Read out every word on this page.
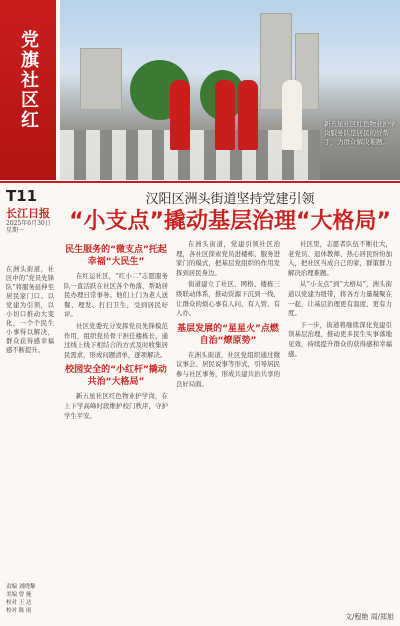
党旗社区红
T11
长江日报
2025年6月30日
星期一
在洲头街道，社区中的“党员先锋队”将服务延伸至居民家门口。以党建为引领，以小切口推动大变化，一个个民生小事得以解决，群众获得感幸福感不断提升。
责编 刘晓黎
美编 曾 施
校对 王 达
校对 陈 雨
新五星社区红色物业护学岗服务队是居民的好帮手，为群众解决难题。
汉阳区洲头街道坚持党建引领
“小支点”撬动基层治理“大格局”
民生服务的“微支点”托起幸福“大民生”

在红运社区，“红小二”志愿服务队一直活跃在社区各个角落，帮助居民办理日常事务。他们上门为老人送餐、理发、打扫卫生，受到居民好评。

社区党委充分发挥党员先锋模范作用，组织党员骨干担任楼栋长，通过线上线下相结合的方式及时收集居民需求，形成问题清单，逐项解决。

校园安全的“小红杆”撬动共治“大格局”

新五星社区红色物业护学岗，在上下学高峰时段维护校门秩序，守护学生平安。

在洲头街道，党建引领社区治理，各社区探索党员进楼栋、服务进家门的模式，把基层党组织的作用发挥到居民身边。

街道建立了社区、网格、楼栋三级联动体系，推动资源下沉到一线，让群众的烦心事有人问、有人管、有人办。

基层发展的“星星火”点燃自治“燎原势”

在洲头街道，社区党组织通过微议事会、居民说事等形式，引导居民参与社区事务，形成共建共治共享的良好局面。

社区里，志愿者队伍不断壮大，老党员、退休教师、热心居民纷纷加入，把社区当成自己的家，群策群力解决治理难题。

从“小支点”到“大格局”，洲头街道以党建为纽带，将各方力量凝聚在一起，让基层治理更有温度、更有力度。

下一步，街道将继续深化党建引领基层治理，推动更多民生实事落地见效，持续提升群众的获得感和幸福感。

文/程艳 周/郑旭
